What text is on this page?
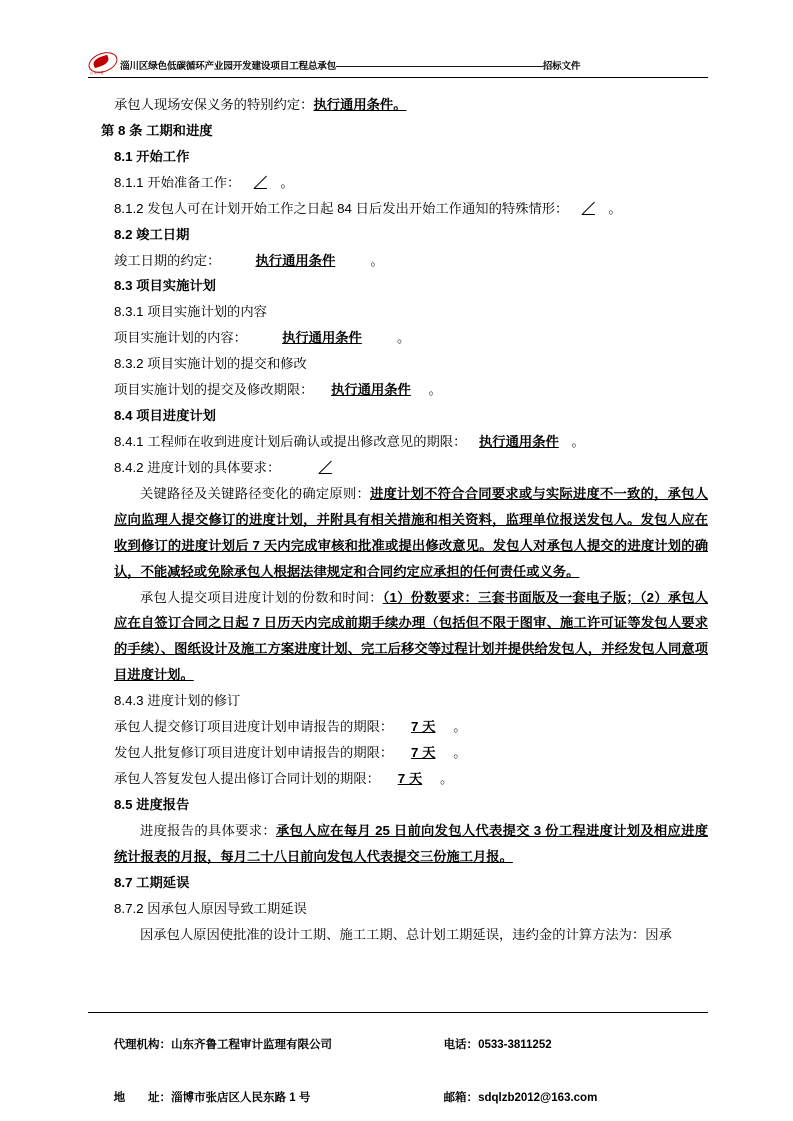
山东齐鲁
淄川区绿色低碳循环产业园开发建设项目工程总承包——————————————————————招标文件

承包人现场安保义务的特别约定：执行通用条件。

第 8 条 工期和进度

8.1 开始工作

8.1.1 开始准备工作： ／ 。

8.1.2 发包人可在计划开始工作之日起 84 日后发出开始工作通知的特殊情形： ／ 。

8.2 竣工日期

竣工日期的约定：	执行通用条件	。

8.3 项目实施计划

8.3.1 项目实施计划的内容

项目实施计划的内容：	执行通用条件	。

8.3.2 项目实施计划的提交和修改

项目实施计划的提交及修改期限： 执行通用条件 。

8.4 项目进度计划

8.4.1 工程师在收到进度计划后确认或提出修改意见的期限： 执行通用条件 。

8.4.2 进度计划的具体要求：	／

关键路径及关键路径变化的确定原则：进度计划不符合合同要求或与实际进度不一致的，承包人应向监理人提交修订的进度计划，并附具有相关措施和相关资料，监理单位报送发包人。发包人应在收到修订的进度计划后 7 天内完成审核和批准或提出修改意见。发包人对承包人提交的进度计划的确认，不能减轻或免除承包人根据法律规定和合同约定应承担的任何责任或义务。

承包人提交项目进度计划的份数和时间：（1）份数要求：三套书面版及一套电子版；（2）承包人应在自签订合同之日起 7 日历天内完成前期手续办理（包括但不限于图审、施工许可证等发包人要求的手续）、图纸设计及施工方案进度计划、完工后移交等过程计划并提供给发包人，并经发包人同意项目进度计划。

8.4.3 进度计划的修订

承包人提交修订项目进度计划申请报告的期限： 7 天 。

发包人批复修订项目进度计划申请报告的期限： 7 天 。

承包人答复发包人提出修订合同计划的期限： 7 天 。

8.5 进度报告

进度报告的具体要求：承包人应在每月 25 日前向发包人代表提交 3 份工程进度计划及相应进度统计报表的月报，每月二十八日前向发包人代表提交三份施工月报。

8.7 工期延误

8.7.2 因承包人原因导致工期延误

因承包人原因使批准的设计工期、施工工期、总计划工期延误，违约金的计算方法为：因承

代理机构：山东齐鲁工程审计监理有限公司
	电话：0533-3811252

地　　址：淄博市张店区人民东路 1 号
	邮箱：sdqlzb2012@163.com
